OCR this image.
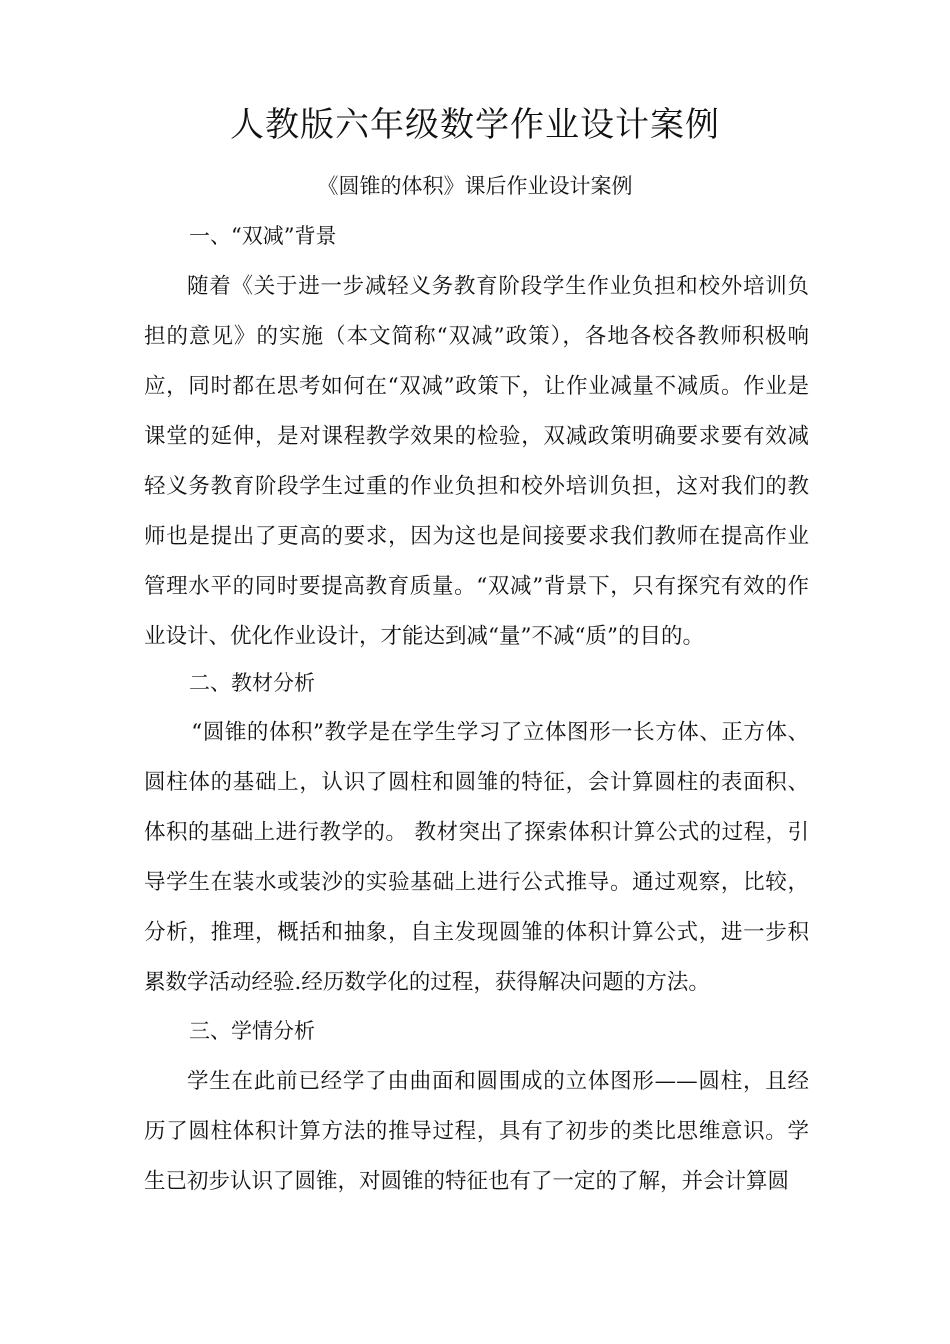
人教版六年级数学作业设计案例
《圆锥的体积》课后作业设计案例
一、“双减”背景

随着《关于进一步减轻义务教育阶段学生作业负担和校外培训负担的意见》的实施（本文简称“双减”政策），各地各校各教师积极响应，同时都在思考如何在“双减”政策下，让作业减量不减质。作业是课堂的延伸，是对课程教学效果的检验，双减政策明确要求要有效减轻义务教育阶段学生过重的作业负担和校外培训负担，这对我们的教师也是提出了更高的要求，因为这也是间接要求我们教师在提高作业管理水平的同时要提高教育质量。“双减”背景下，只有探究有效的作业设计、优化作业设计，才能达到减“量”不减“质”的目的。

二、教材分析

“圆锥的体积”教学是在学生学习了立体图形一长方体、正方体、圆柱体的基础上，认识了圆柱和圆雏的特征，会计算圆柱的表面积、体积的基础上进行教学的。 教材突出了探索体积计算公式的过程，引导学生在装水或装沙的实验基础上进行公式推导。通过观察，比较，分析，推理，概括和抽象，自主发现圆雏的体积计算公式，进一步积累数学活动经验.经历数学化的过程，获得解决问题的方法。

三、学情分析

学生在此前已经学了由曲面和圆围成的立体图形——圆柱，且经历了圆柱体积计算方法的推导过程，具有了初步的类比思维意识。学生已初步认识了圆锥，对圆锥的特征也有了一定的了解，并会计算圆
